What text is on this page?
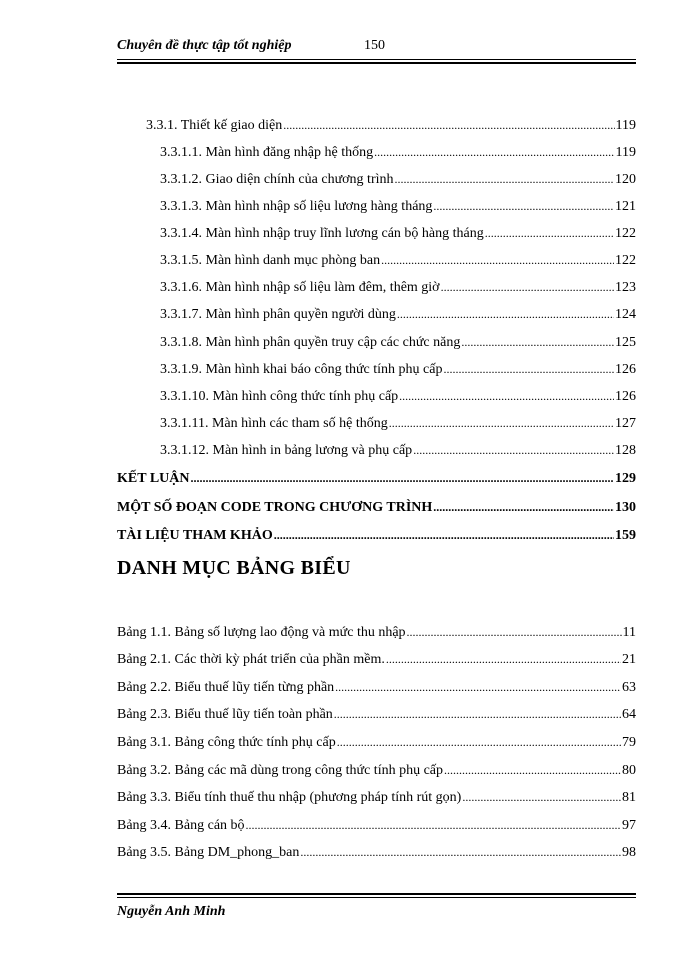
Chuyên đề thực tập tốt nghiệp	150
3.3.1. Thiết kế giao diện .....	119
3.3.1.1. Màn hình đăng nhập hệ thống .....	119
3.3.1.2. Giao diện chính của chương trình .....	120
3.3.1.3. Màn hình nhập số liệu lương hàng tháng .....	121
3.3.1.4. Màn hình nhập truy lĩnh lương cán bộ hàng tháng .....	122
3.3.1.5. Màn hình danh mục phòng ban .....	122
3.3.1.6. Màn hình nhập số liệu làm đêm, thêm giờ .....	123
3.3.1.7. Màn hình phân quyền người dùng .....	124
3.3.1.8. Màn hình phân quyền truy cập các chức năng .....	125
3.3.1.9. Màn hình khai báo công thức tính phụ cấp .....	126
3.3.1.10. Màn hình công thức tính phụ cấp .....	126
3.3.1.11. Màn hình các tham số hệ thống .....	127
3.3.1.12. Màn hình in bảng lương và phụ cấp .....	128
KẾT LUẬN .....	129
MỘT SỐ ĐOẠN CODE TRONG CHƯƠNG TRÌNH .....	130
TÀI LIỆU THAM KHẢO .....	159
DANH MỤC BẢNG BIỂU
Bảng 1.1. Bảng số lượng lao động và mức thu nhập .....	11
Bảng 2.1. Các thời kỳ phát triển của phần mềm. .....	21
Bảng 2.2. Biểu thuế lũy tiến từng phần .....	63
Bảng 2.3. Biểu thuế lũy tiến toàn phần .....	64
Bảng 3.1. Bảng công thức tính phụ cấp .....	79
Bảng 3.2. Bảng các mã dùng trong công thức tính phụ cấp .....	80
Bảng 3.3. Biểu tính thuế thu nhập (phương pháp tính rút gọn) .....	81
Bảng 3.4. Bảng cán bộ .....	97
Bảng 3.5. Bảng DM_phong_ban .....	98
Nguyễn Anh Minh
